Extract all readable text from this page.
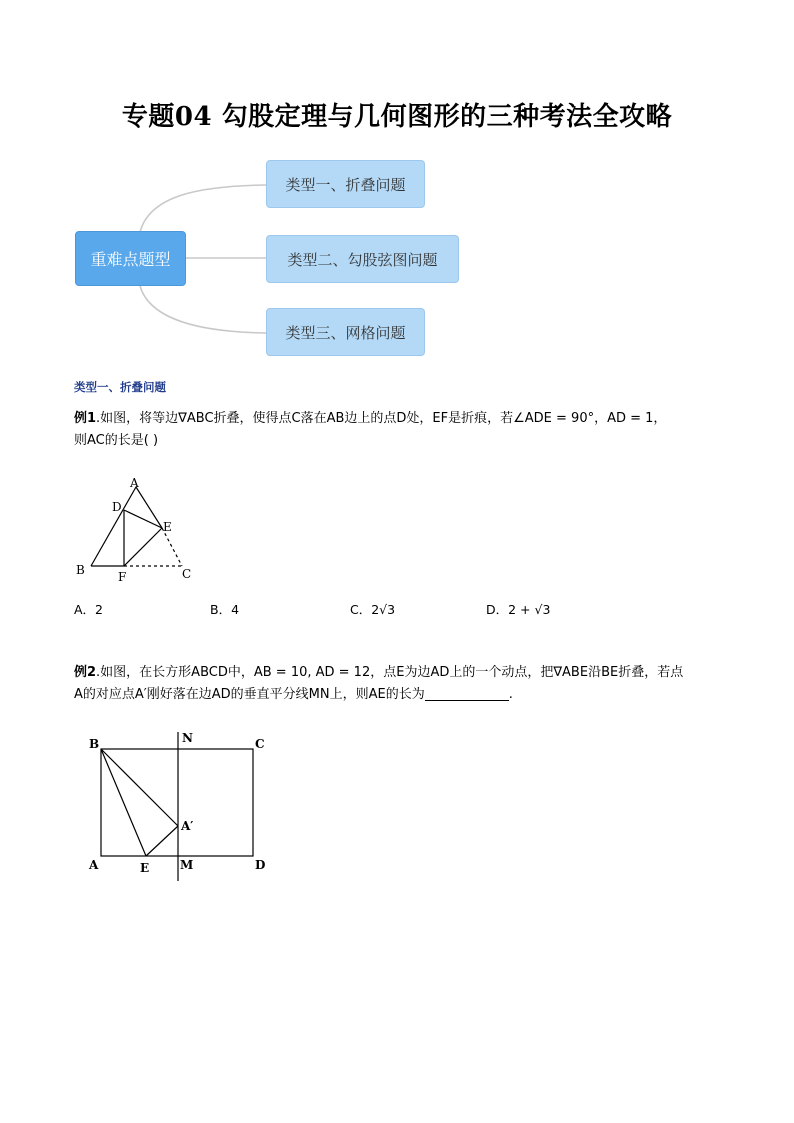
专题04 勾股定理与几何图形的三种考法全攻略
重难点题型
类型一、折叠问题
类型二、勾股弦图问题
类型三、网格问题
类型一、折叠问题
例1.如图，将等边∇ABC折叠，使得点C落在AB边上的点D处，EF是折痕，若∠ADE = 90°，AD = 1，
则AC的长是( )
A
D
E
B	F	C
A．2	B．4	C．2√3	D．2 + √3
例2.如图，在长方形ABCD中，AB = 10, AD = 12，点E为边AD上的一个动点，把∇ABE沿BE折叠，若点
A的对应点A′刚好落在边AD的垂直平分线MN上，则AE的长为	.
B	N	C
A′
A	E	M	D
